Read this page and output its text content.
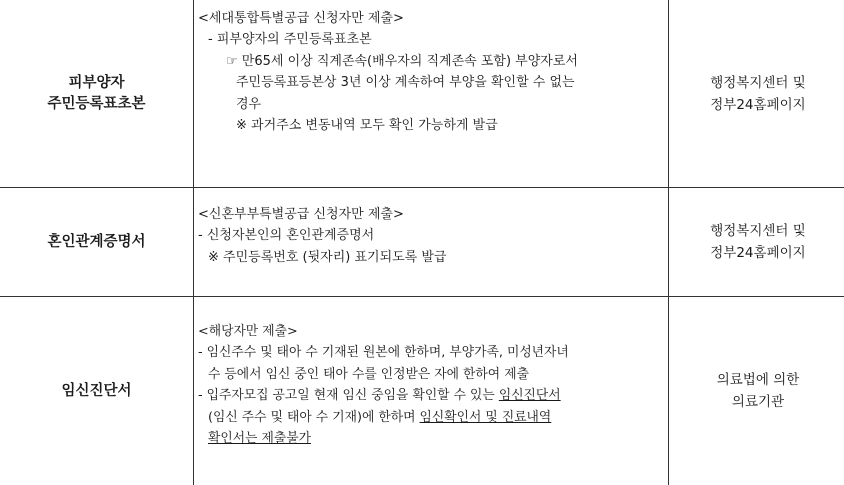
피부양자
주민등록표초본
<세대통합특별공급 신청자만 제출>
- 피부양자의 주민등록표초본
☞ 만65세 이상 직계존속(배우자의 직계존속 포함) 부양자로서
주민등록표등본상 3년 이상 계속하여 부양을 확인할 수 없는
경우
※ 과거주소 변동내역 모두 확인 가능하게 발급
행정복지센터 및
정부24홈페이지
혼인관계증명서
<신혼부부특별공급 신청자만 제출>
- 신청자본인의 혼인관계증명서
※ 주민등록번호 (뒷자리) 표기되도록 발급
행정복지센터 및
정부24홈페이지
임신진단서
<해당자만 제출>
- 임신주수 및 태아 수 기재된 원본에 한하며, 부양가족, 미성년자녀
수 등에서 임신 중인 태아 수를 인정받은 자에 한하여 제출
- 입주자모집 공고일 현재 임신 중임을 확인할 수 있는 임신진단서
(임신 주수 및 태아 수 기재)에 한하며 임신확인서 및 진료내역
확인서는 제출불가
의료법에 의한
의료기관
